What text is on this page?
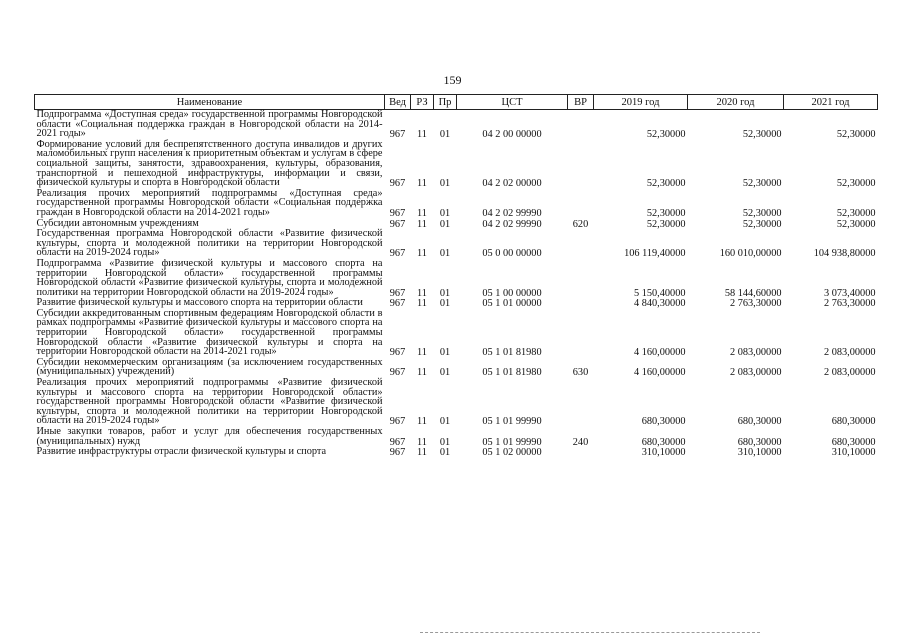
159
Наименование	Вед	РЗ	Пр	ЦСТ	ВР	2019 год	2020 год	2021 год
Подпрограмма «Доступная среда» государственной программы Новгородской области «Социальная поддержка граждан в Новгородской области на 2014-2021 годы»	967	11	01	04 2 00 00000		52,30000	52,30000	52,30000
Формирование условий для беспрепятственного доступа инвалидов и других маломобильных групп населения к приоритетным объектам и услугам в сфере социальной защиты, занятости, здравоохранения, культуры, образования, транспортной и пешеходной инфраструктуры, информации и связи, физической культуры и спорта в Новгородской области	967	11	01	04 2 02 00000		52,30000	52,30000	52,30000
Реализация прочих мероприятий подпрограммы «Доступная среда» государственной программы Новгородской области «Социальная поддержка граждан в Новгородской области на 2014-2021 годы»	967	11	01	04 2 02 99990		52,30000	52,30000	52,30000
Субсидии автономным учреждениям	967	11	01	04 2 02 99990	620	52,30000	52,30000	52,30000
Государственная программа Новгородской области «Развитие физической культуры, спорта и молодежной политики на территории Новгородской области на 2019-2024 годы»	967	11	01	05 0 00 00000		106 119,40000	160 010,00000	104 938,80000
Подпрограмма «Развитие физической культуры и массового спорта на территории Новгородской области» государственной программы Новгородской области «Развитие физической культуры, спорта и молодежной политики на территории Новгородской области на 2019-2024 годы»	967	11	01	05 1 00 00000		5 150,40000	58 144,60000	3 073,40000
Развитие физической культуры и массового спорта на территории области	967	11	01	05 1 01 00000		4 840,30000	2 763,30000	2 763,30000
Субсидии аккредитованным спортивным федерациям Новгородской области в рамках подпрограммы «Развитие физической культуры и массового спорта на территории Новгородской области» государственной программы Новгородской области «Развитие физической культуры и спорта на территории Новгородской области на 2014-2021 годы»	967	11	01	05 1 01 81980		4 160,00000	2 083,00000	2 083,00000
Субсидии некоммерческим организациям (за исключением государственных (муниципальных) учреждений)	967	11	01	05 1 01 81980	630	4 160,00000	2 083,00000	2 083,00000
Реализация прочих мероприятий подпрограммы «Развитие физической культуры и массового спорта на территории Новгородской области» государственной программы Новгородской области «Развитие физической культуры, спорта и молодежной политики на территории Новгородской области на 2019-2024 годы»	967	11	01	05 1 01 99990		680,30000	680,30000	680,30000
Иные закупки товаров, работ и услуг для обеспечения государственных (муниципальных) нужд	967	11	01	05 1 01 99990	240	680,30000	680,30000	680,30000
Развитие инфраструктуры отрасли физической культуры и спорта	967	11	01	05 1 02 00000		310,10000	310,10000	310,10000
